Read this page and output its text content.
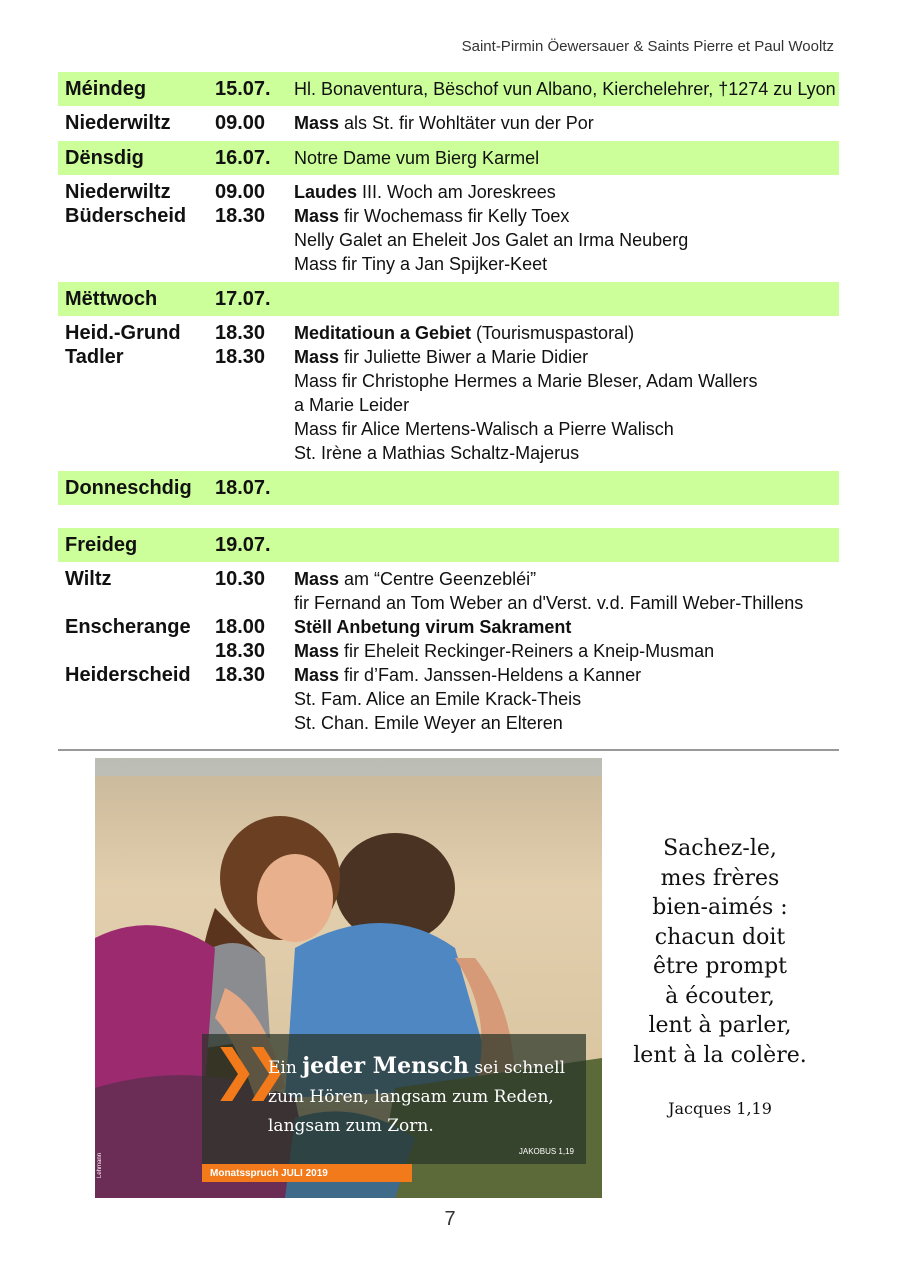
Saint-Pirmin Öewersauer & Saints Pierre et Paul Wooltz
Méindeg	15.07.	Hl. Bonaventura, Bëschof vun Albano, Kierchelehrer, †1274 zu Lyon
Niederwiltz	09.00	Mass als St. fir Wohltäter vun der Por
Dënsdig	16.07.	Notre Dame vum Bierg Karmel
Niederwiltz	09.00	Laudes III. Woch am Joreskrees
Büderscheid	18.30	Mass fir Wochemass fir Kelly Toex
Nelly Galet an Eheleit Jos Galet an Irma Neuberg
Mass fir Tiny a Jan Spijker-Keet
Mëttwoch	17.07.
Heid.-Grund	18.30	Meditatioun a Gebiet (Tourismuspastoral)
Tadler	18.30	Mass fir Juliette Biwer a Marie Didier
Mass fir Christophe Hermes a Marie Bleser, Adam Wallers
a Marie Leider
Mass fir Alice Mertens-Walisch a Pierre Walisch
St. Irène a Mathias Schaltz-Majerus
Donneschdig	18.07.
Freideg	19.07.
Wiltz	10.30	Mass am “Centre Geenzebléi”
fir Fernand an Tom Weber an d'Verst. v.d. Famill Weber-Thillens
Enscherange	18.00	Stëll Anbetung virum Sakrament
18.30	Mass fir Eheleit Reckinger-Reiners a Kneip-Musman
Heiderscheid	18.30	Mass fir d’Fam. Janssen-Heldens a Kanner
St. Fam. Alice an Emile Krack-Theis
St. Chan. Emile Weyer an Elteren
❯❯
Ein jeder Mensch sei schnell
zum Hören, langsam zum Reden,
langsam zum Zorn.
JAKOBUS 1,19
Monatsspruch JULI 2019
Lehmann
Sachez-le,
mes frères
bien-aimés :
chacun doit
être prompt
à écouter,
lent à parler,
lent à la colère.
Jacques 1,19
7
